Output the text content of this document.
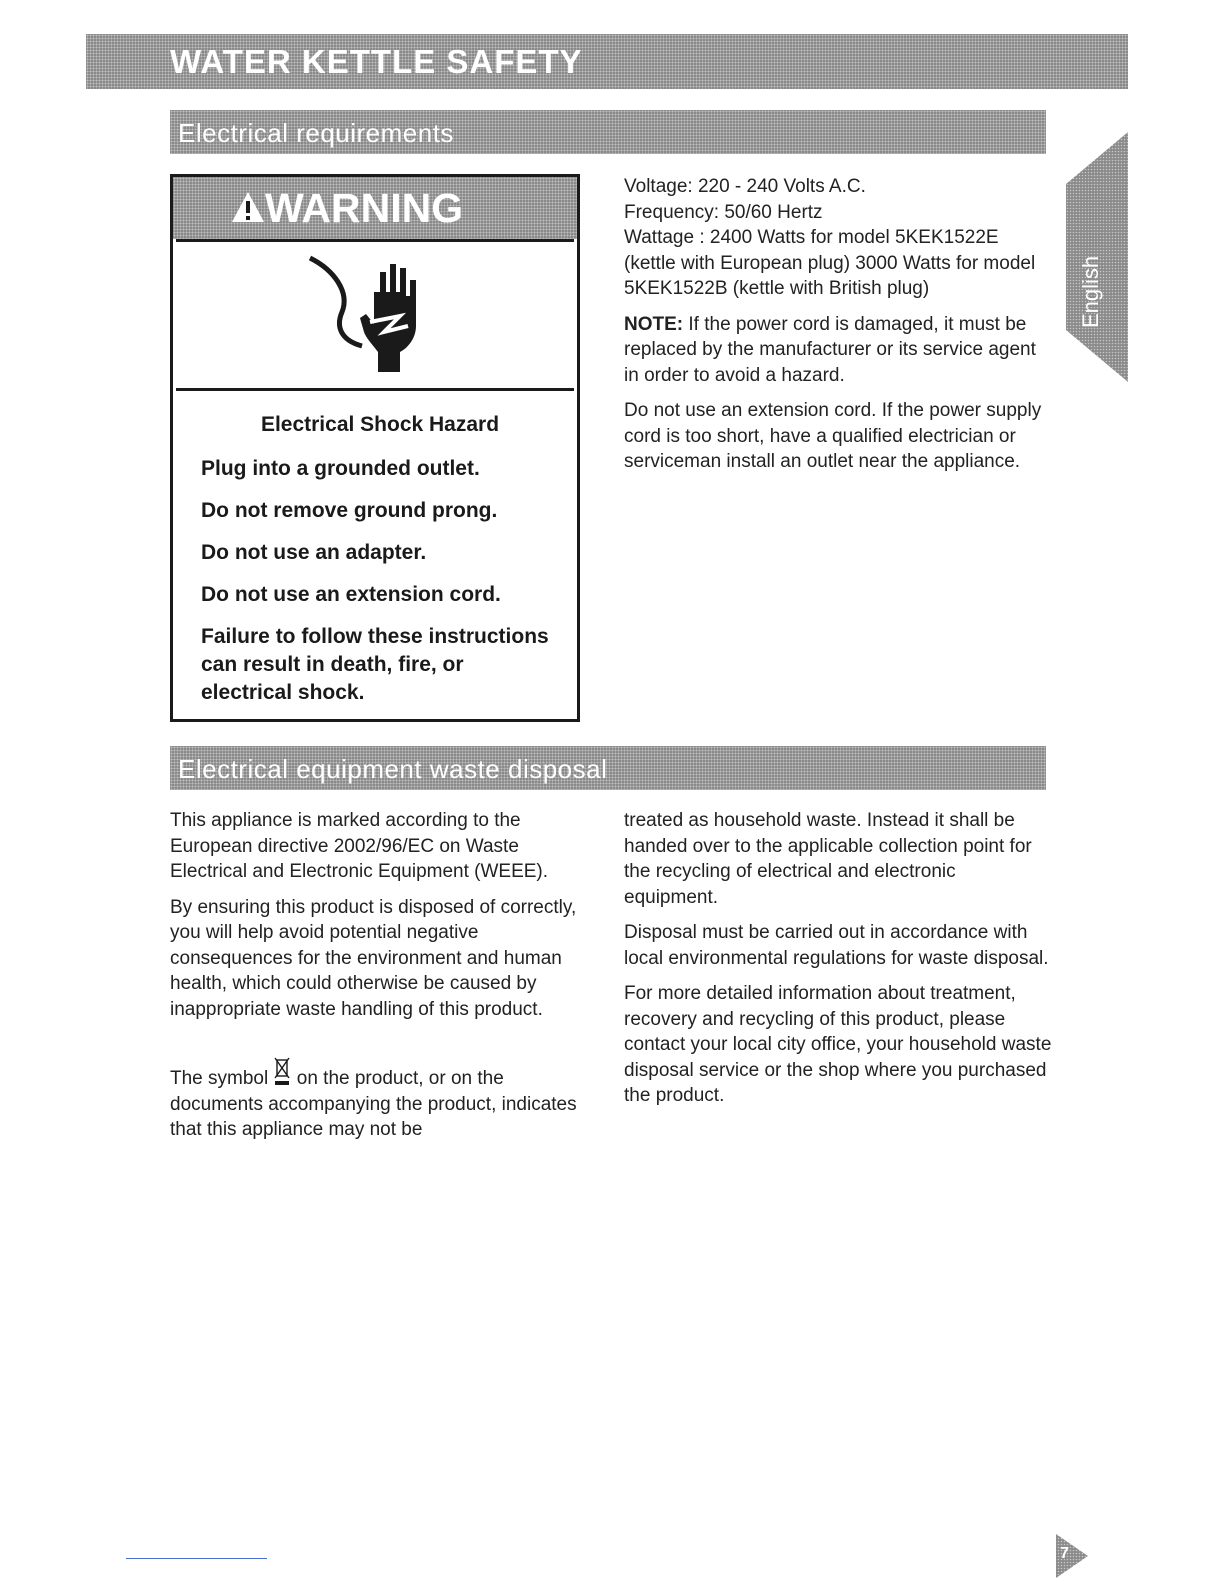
WATER KETTLE SAFETY
Electrical requirements
WARNING
Electrical Shock Hazard
Plug into a grounded outlet.
Do not remove ground prong.
Do not use an adapter.
Do not use an extension cord.
Failure to follow these instructions can result in death, fire, or electrical shock.
Voltage: 220 - 240 Volts A.C.
Frequency: 50/60 Hertz

Wattage : 2400 Watts for model 5KEK1522E (kettle with European plug) 3000 Watts for model 5KEK1522B (kettle with British plug)

NOTE: If the power cord is damaged, it must be replaced by the manufacturer or its service agent in order to avoid a hazard.

Do not use an extension cord. If the power supply cord is too short, have a qualified electrician or serviceman install an outlet near the appliance.

Electrical equipment waste disposal

This appliance is marked according to the European directive 2002/96/EC on Waste Electrical and Electronic Equipment (WEEE).

By ensuring this product is disposed of correctly, you will help avoid potential negative consequences for the environment and human health, which could otherwise be caused by inappropriate waste handling of this product.

The symbol  on the product, or on the documents accompanying the product, indicates that this appliance may not be

treated as household waste. Instead it shall be handed over to the applicable collection point for the recycling of electrical and electronic equipment.

Disposal must be carried out in accordance with local environmental regulations for waste disposal.

For more detailed information about treatment, recovery and recycling of this product, please contact your local city office, your household waste disposal service or the shop where you purchased the product.

English
7
